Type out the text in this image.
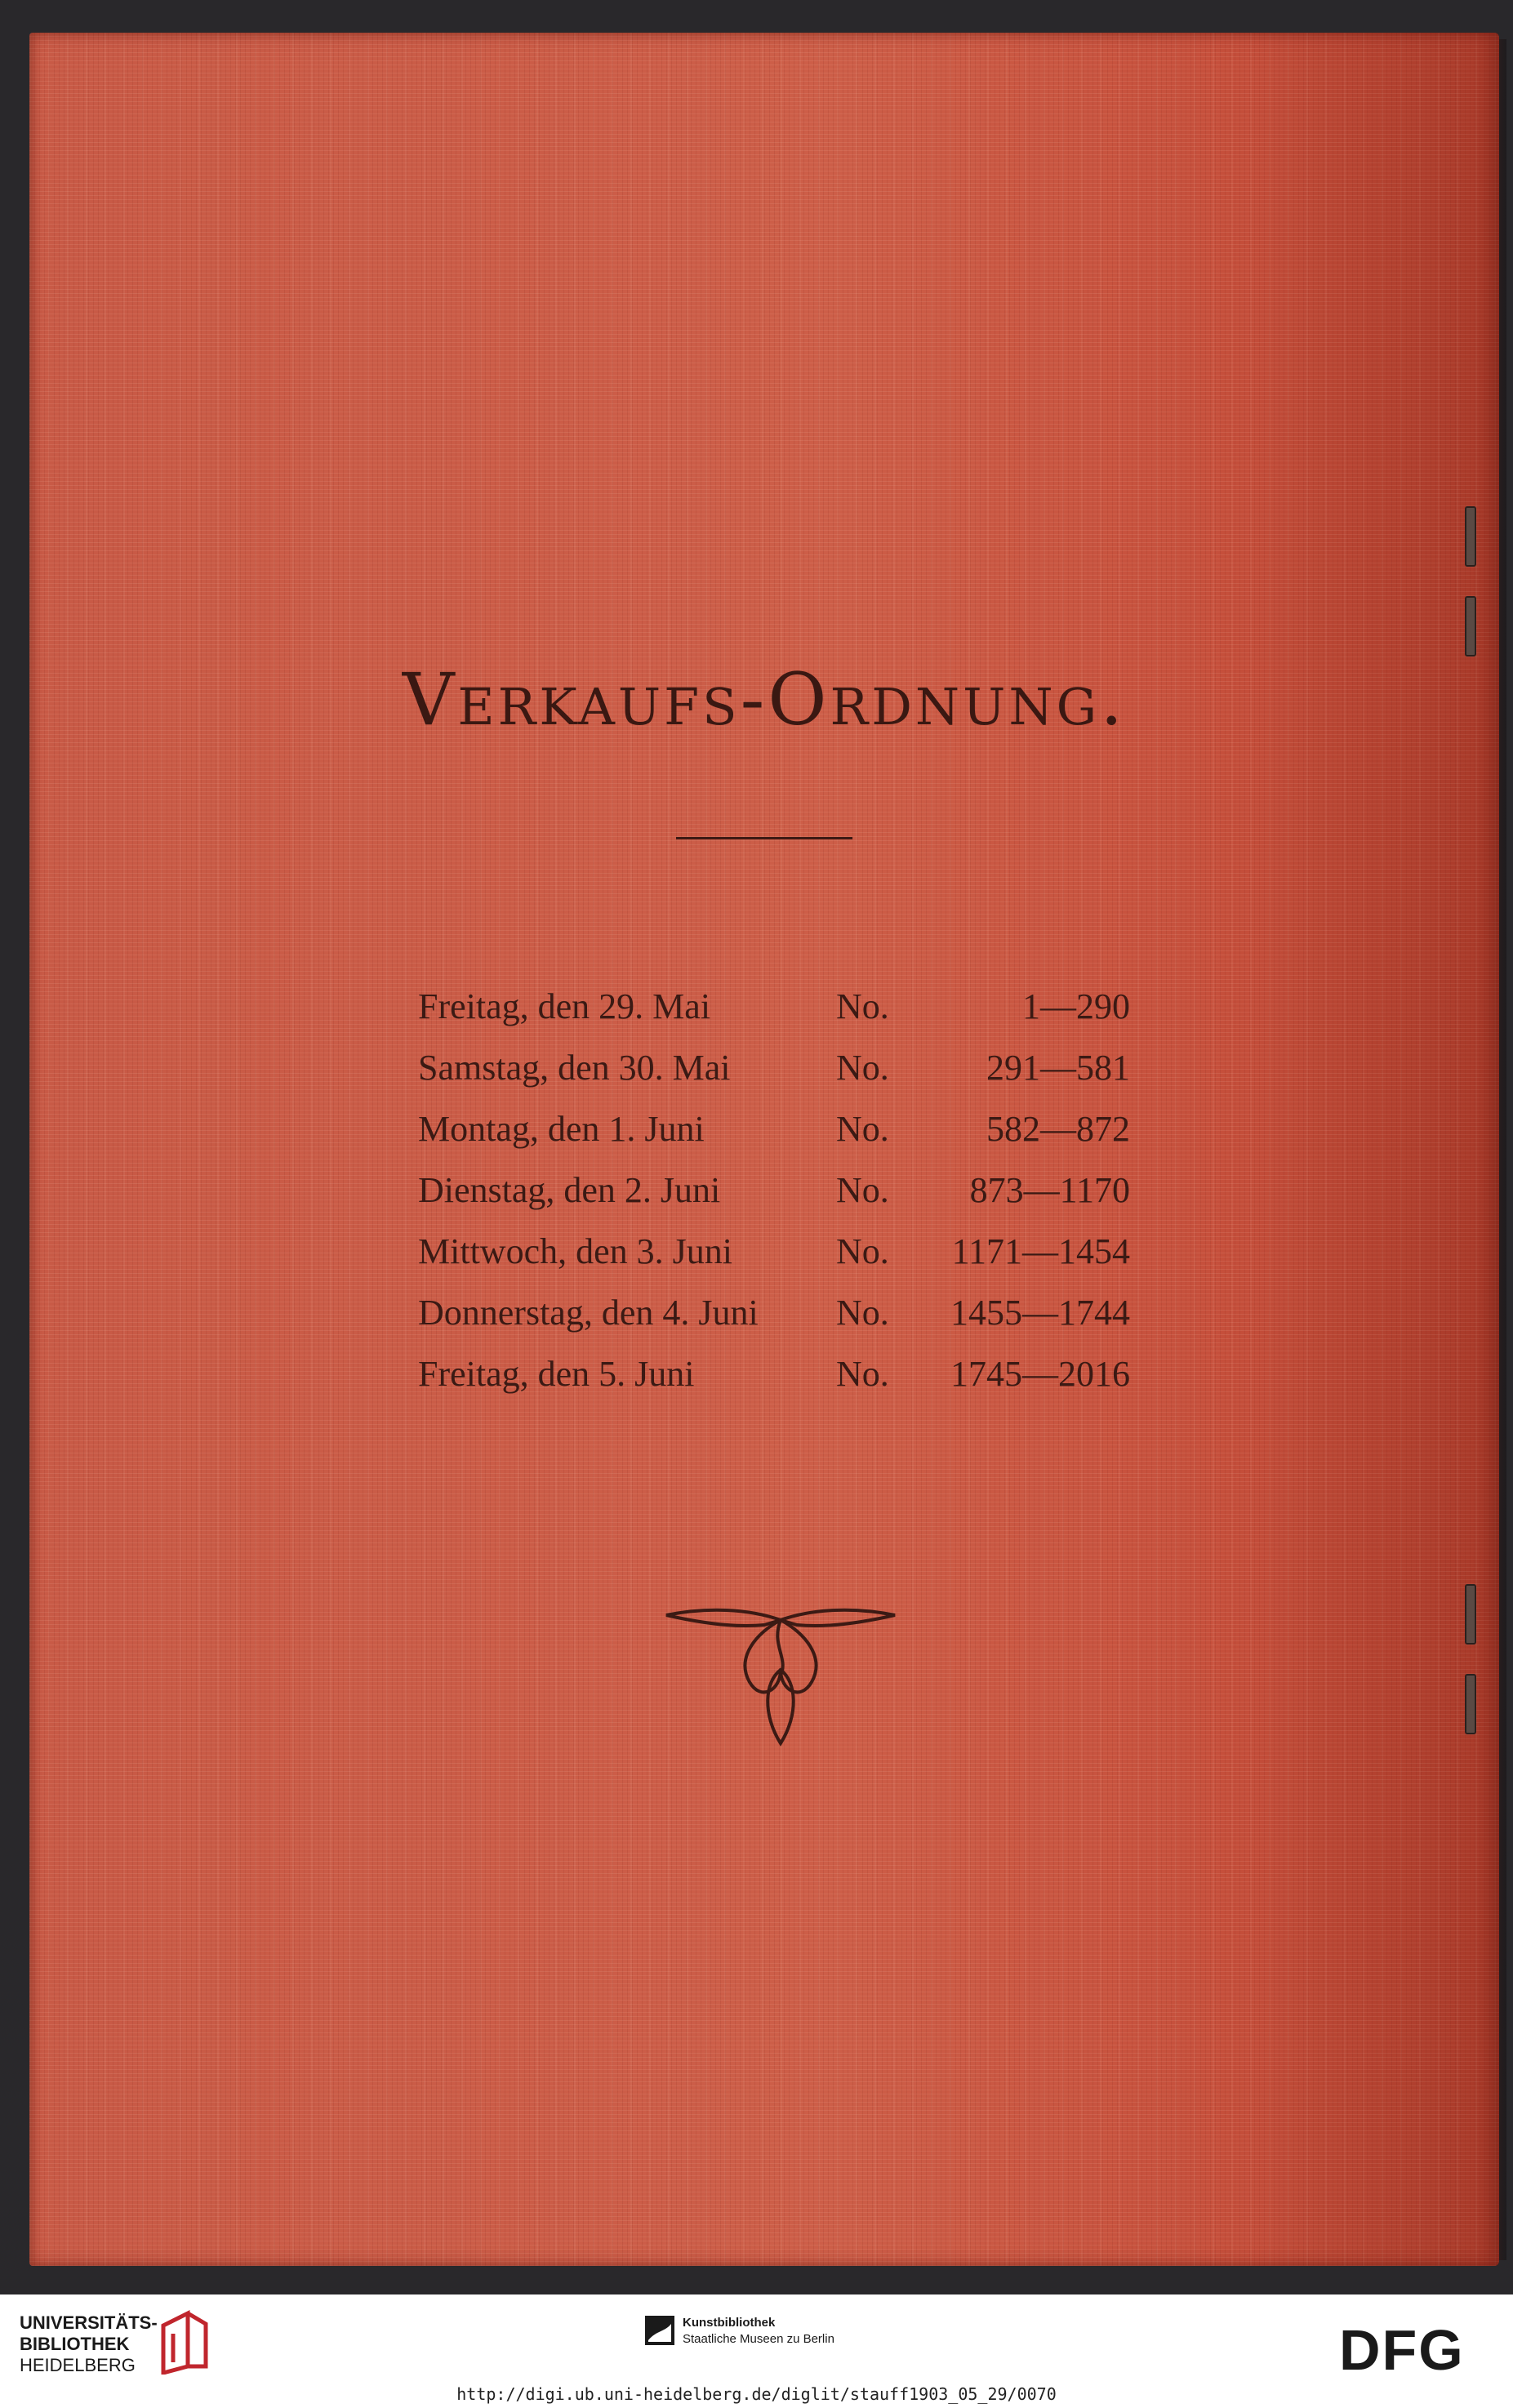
Verkaufs-Ordnung.
Freitag, den 29. Mai	No.	1—290
Samstag, den 30. Mai	No.	291—581
Montag, den 1. Juni	No.	582—872
Dienstag, den 2. Juni	No.	873—1170
Mittwoch, den 3. Juni	No.	1171—1454
Donnerstag, den 4. Juni	No.	1455—1744
Freitag, den 5. Juni	No.	1745—2016
UNIVERSITÄTS-
BIBLIOTHEK
HEIDELBERG
Kunstbibliothek
Staatliche Museen zu Berlin	DFG
http://digi.ub.uni-heidelberg.de/diglit/stauff1903_05_29/0070
